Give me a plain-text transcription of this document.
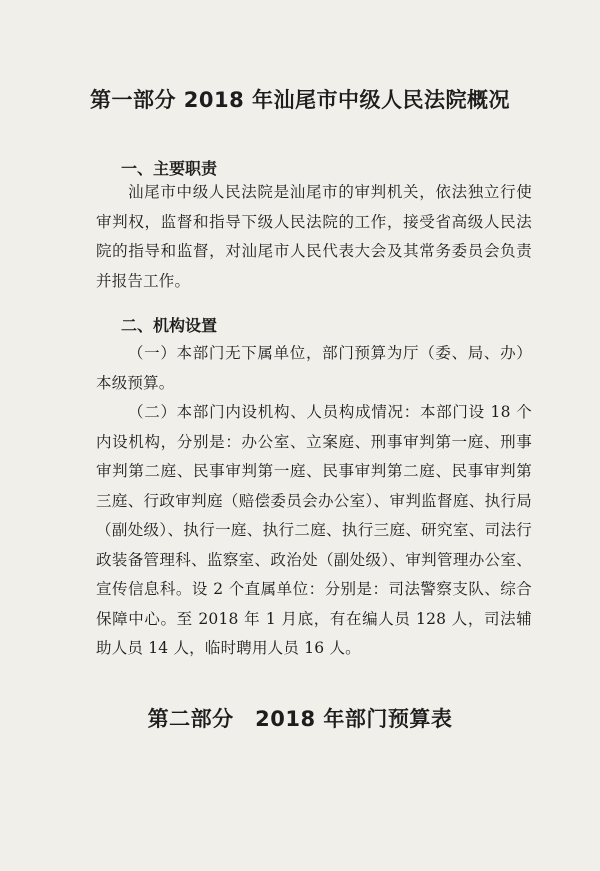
第一部分 2018 年汕尾市中级人民法院概况
一、主要职责

汕尾市中级人民法院是汕尾市的审判机关，依法独立行使审判权，监督和指导下级人民法院的工作，接受省高级人民法院的指导和监督，对汕尾市人民代表大会及其常务委员会负责并报告工作。

二、机构设置

（一）本部门无下属单位，部门预算为厅（委、局、办）本级预算。

（二）本部门内设机构、人员构成情况：本部门设 18 个内设机构，分别是：办公室、立案庭、刑事审判第一庭、刑事审判第二庭、民事审判第一庭、民事审判第二庭、民事审判第三庭、行政审判庭（赔偿委员会办公室）、审判监督庭、执行局（副处级）、执行一庭、执行二庭、执行三庭、研究室、司法行政装备管理科、监察室、政治处（副处级）、审判管理办公室、宣传信息科。设 2 个直属单位：分别是：司法警察支队、综合保障中心。至 2018 年 1 月底，有在编人员 128 人，司法辅助人员 14 人，临时聘用人员 16 人。

第二部分　2018 年部门预算表
